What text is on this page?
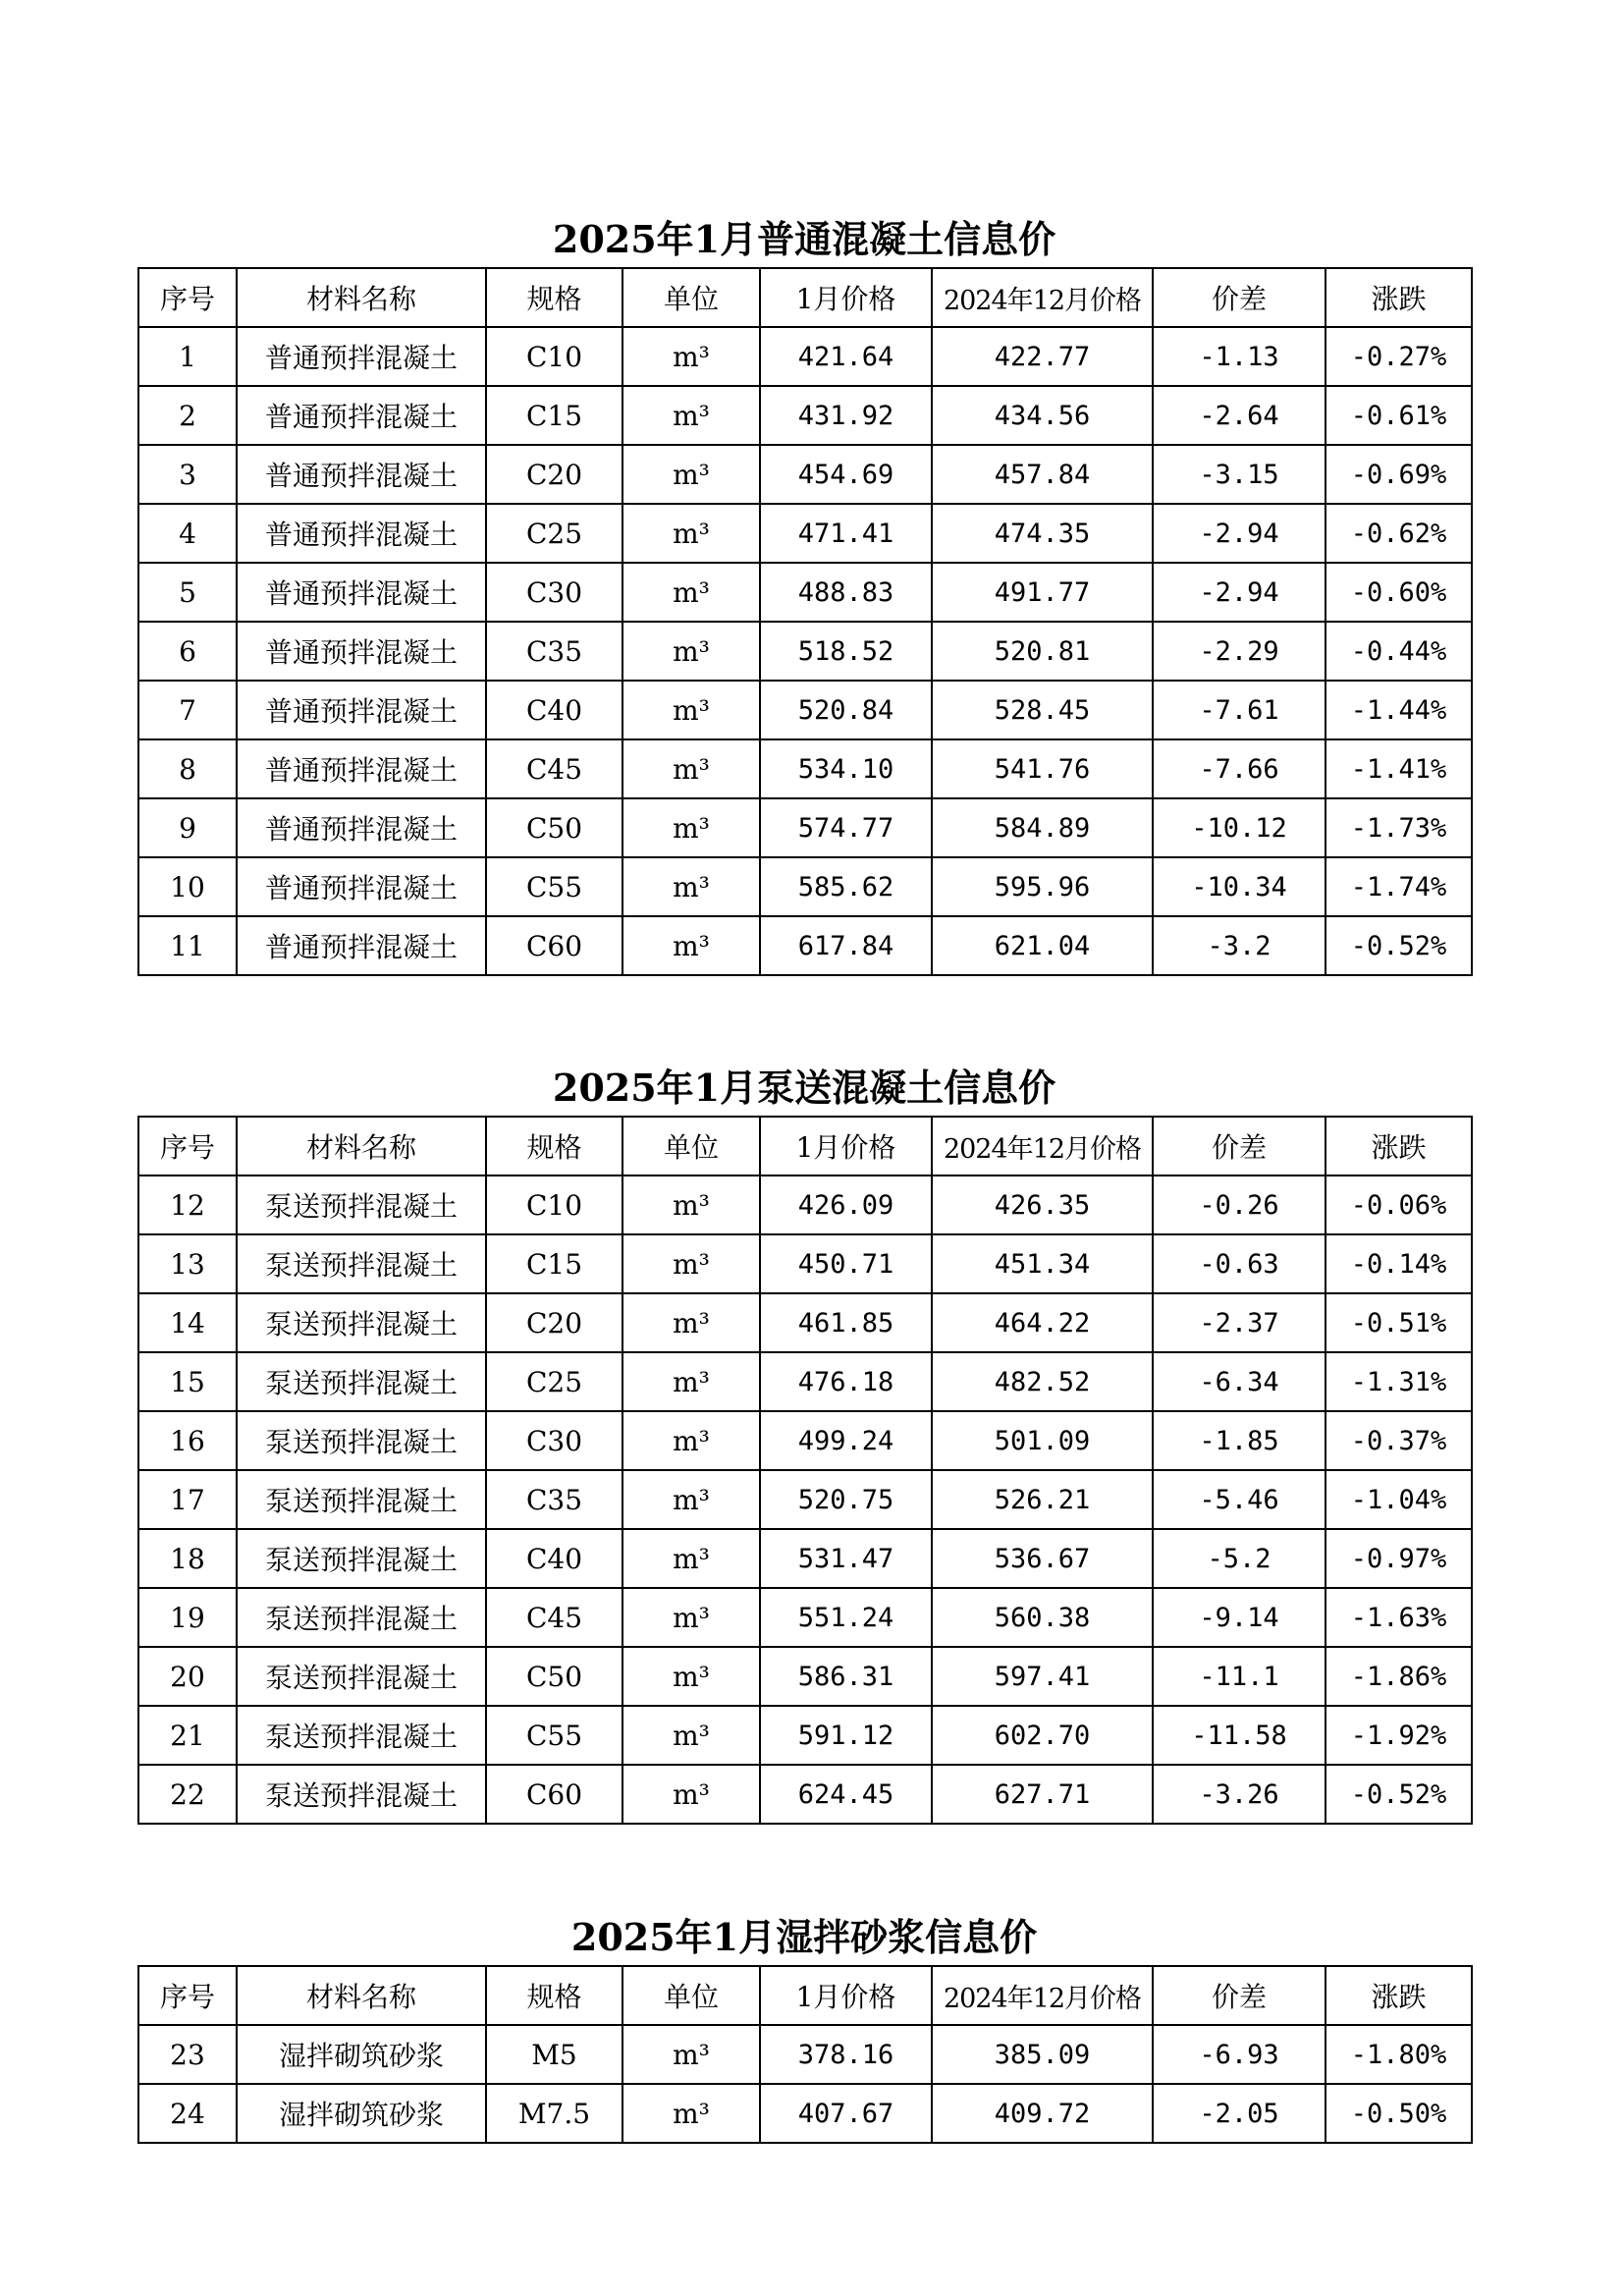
2025年1月普通混凝土信息价
序号	材料名称	规格	单位	1月价格	2024年12月价格	价差	涨跌
1	普通预拌混凝土	C10	m³	421.64	422.77	-1.13	-0.27%
2	普通预拌混凝土	C15	m³	431.92	434.56	-2.64	-0.61%
3	普通预拌混凝土	C20	m³	454.69	457.84	-3.15	-0.69%
4	普通预拌混凝土	C25	m³	471.41	474.35	-2.94	-0.62%
5	普通预拌混凝土	C30	m³	488.83	491.77	-2.94	-0.60%
6	普通预拌混凝土	C35	m³	518.52	520.81	-2.29	-0.44%
7	普通预拌混凝土	C40	m³	520.84	528.45	-7.61	-1.44%
8	普通预拌混凝土	C45	m³	534.10	541.76	-7.66	-1.41%
9	普通预拌混凝土	C50	m³	574.77	584.89	-10.12	-1.73%
10	普通预拌混凝土	C55	m³	585.62	595.96	-10.34	-1.74%
11	普通预拌混凝土	C60	m³	617.84	621.04	-3.2	-0.52%
2025年1月泵送混凝土信息价
序号	材料名称	规格	单位	1月价格	2024年12月价格	价差	涨跌
12	泵送预拌混凝土	C10	m³	426.09	426.35	-0.26	-0.06%
13	泵送预拌混凝土	C15	m³	450.71	451.34	-0.63	-0.14%
14	泵送预拌混凝土	C20	m³	461.85	464.22	-2.37	-0.51%
15	泵送预拌混凝土	C25	m³	476.18	482.52	-6.34	-1.31%
16	泵送预拌混凝土	C30	m³	499.24	501.09	-1.85	-0.37%
17	泵送预拌混凝土	C35	m³	520.75	526.21	-5.46	-1.04%
18	泵送预拌混凝土	C40	m³	531.47	536.67	-5.2	-0.97%
19	泵送预拌混凝土	C45	m³	551.24	560.38	-9.14	-1.63%
20	泵送预拌混凝土	C50	m³	586.31	597.41	-11.1	-1.86%
21	泵送预拌混凝土	C55	m³	591.12	602.70	-11.58	-1.92%
22	泵送预拌混凝土	C60	m³	624.45	627.71	-3.26	-0.52%
2025年1月湿拌砂浆信息价
序号	材料名称	规格	单位	1月价格	2024年12月价格	价差	涨跌
23	湿拌砌筑砂浆	M5	m³	378.16	385.09	-6.93	-1.80%
24	湿拌砌筑砂浆	M7.5	m³	407.67	409.72	-2.05	-0.50%
